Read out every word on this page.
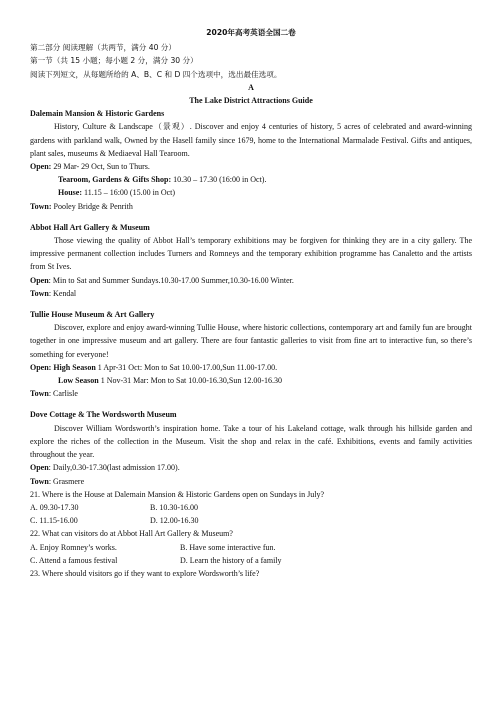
2020年高考英语全国二卷
第二部分 阅读理解（共两节，满分 40 分）
第一节（共 15 小题；每小题 2 分，满分 30 分）
阅读下列短文，从每题所给的 A、B、C 和 D 四个选项中，选出最佳选项。
A
The Lake District Attractions Guide
Dalemain Mansion & Historic Gardens
History, Culture & Landscape（景观）. Discover and enjoy 4 centuries of history, 5 acres of celebrated and award-winning gardens with parkland walk, Owned by the Hasell family since 1679, home to the International Marmalade Festival. Gifts and antiques, plant sales, museums & Mediaeval Hall Tearoom.
Open: 29 Mar- 29 Oct, Sun to Thurs.
Tearoom, Gardens & Gifts Shop: 10.30 – 17.30 (16:00 in Oct).
House: 11.15 – 16:00 (15.00 in Oct)
Town: Pooley Bridge & Penrith
Abbot Hall Art Gallery & Museum
Those viewing the quality of Abbot Hall’s temporary exhibitions may be forgiven for thinking they are in a city gallery. The impressive permanent collection includes Turners and Romneys and the temporary exhibition programme has Canaletto and the artists from St Ives.
Open: Min to Sat and Summer Sundays.10.30-17.00 Summer,10.30-16.00 Winter.
Town: Kendal
Tullie House Museum & Art Gallery
Discover, explore and enjoy award-winning Tullie House, where historic collections, contemporary art and family fun are brought together in one impressive museum and art gallery. There are four fantastic galleries to visit from fine art to interactive fun, so there’s something for everyone!
Open: High Season 1 Apr-31 Oct: Mon to Sat 10.00-17.00,Sun 11.00-17.00.
Low Season 1 Nov-31 Mar: Mon to Sat 10.00-16.30,Sun 12.00-16.30
Town: Carlisle
Dove Cottage & The Wordsworth Museum
Discover William Wordsworth’s inspiration home. Take a tour of his Lakeland cottage, walk through his hillside garden and explore the riches of the collection in the Museum. Visit the shop and relax in the café. Exhibitions, events and family activities throughout the year.
Open: Daily,0.30-17.30(last admission 17.00).
Town: Grasmere
21. Where is the House at Dalemain Mansion & Historic Gardens open on Sundays in July?
A. 09.30-17.30	B. 10.30-16.00
C. 11.15-16.00	D. 12.00-16.30
22. What can visitors do at Abbot Hall Art Gallery & Museum?
A. Enjoy Romney’s works.	B. Have some interactive fun.
C. Attend a famous festival	D. Learn the history of a family
23. Where should visitors go if they want to explore Wordsworth’s life?
